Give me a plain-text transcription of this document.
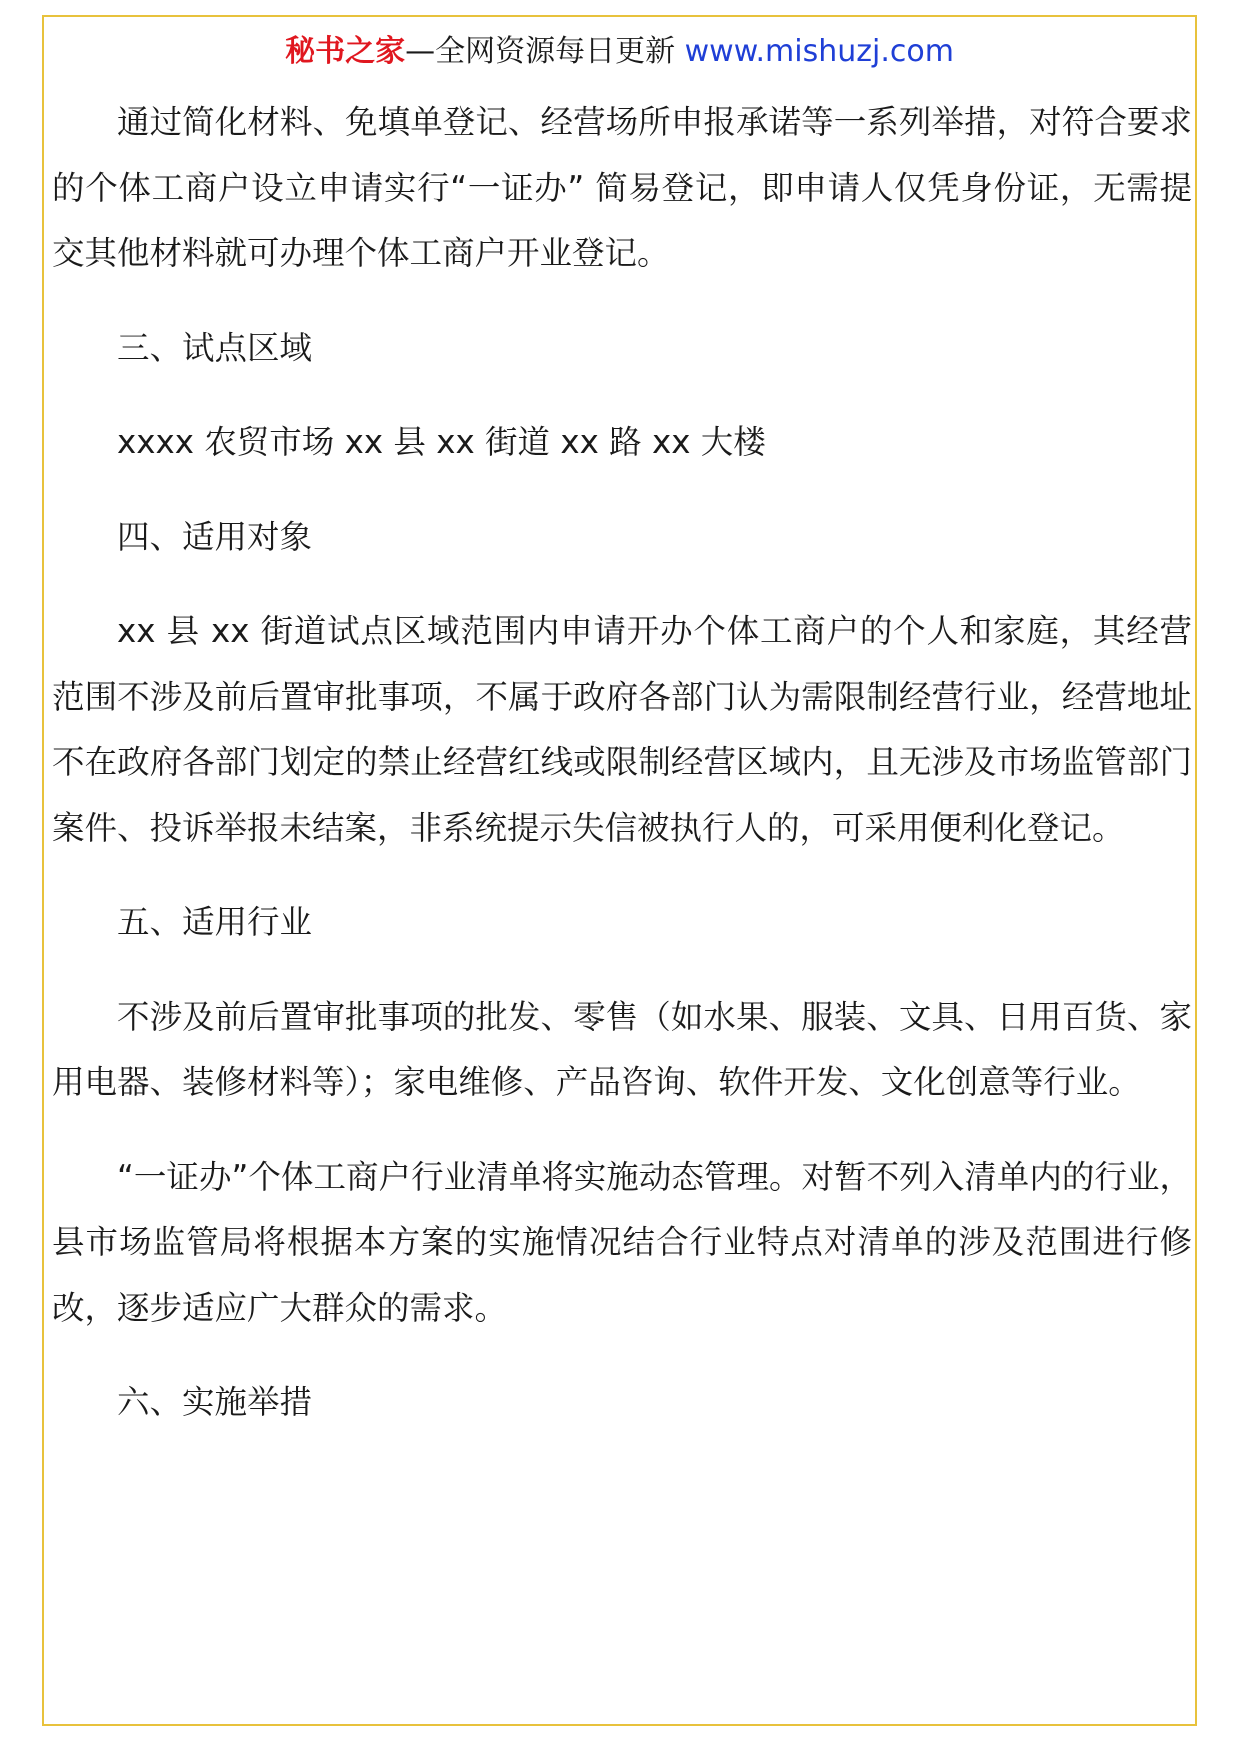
秘书之家—全网资源每日更新 www.mishuzj.com

通过简化材料、免填单登记、经营场所申报承诺等一系列举措，对符合要求的个体工商户设立申请实行“一证办” 简易登记，即申请人仅凭身份证，无需提交其他材料就可办理个体工商户开业登记。

三、试点区域

xxxx 农贸市场 xx 县 xx 街道 xx 路 xx 大楼

四、适用对象

xx 县 xx 街道试点区域范围内申请开办个体工商户的个人和家庭，其经营范围不涉及前后置审批事项，不属于政府各部门认为需限制经营行业，经营地址不在政府各部门划定的禁止经营红线或限制经营区域内，且无涉及市场监管部门案件、投诉举报未结案，非系统提示失信被执行人的，可采用便利化登记。

五、适用行业

不涉及前后置审批事项的批发、零售（如水果、服装、文具、日用百货、家用电器、装修材料等）；家电维修、产品咨询、软件开发、文化创意等行业。

“一证办”个体工商户行业清单将实施动态管理。对暂不列入清单内的行业，县市场监管局将根据本方案的实施情况结合行业特点对清单的涉及范围进行修改，逐步适应广大群众的需求。

六、实施举措
